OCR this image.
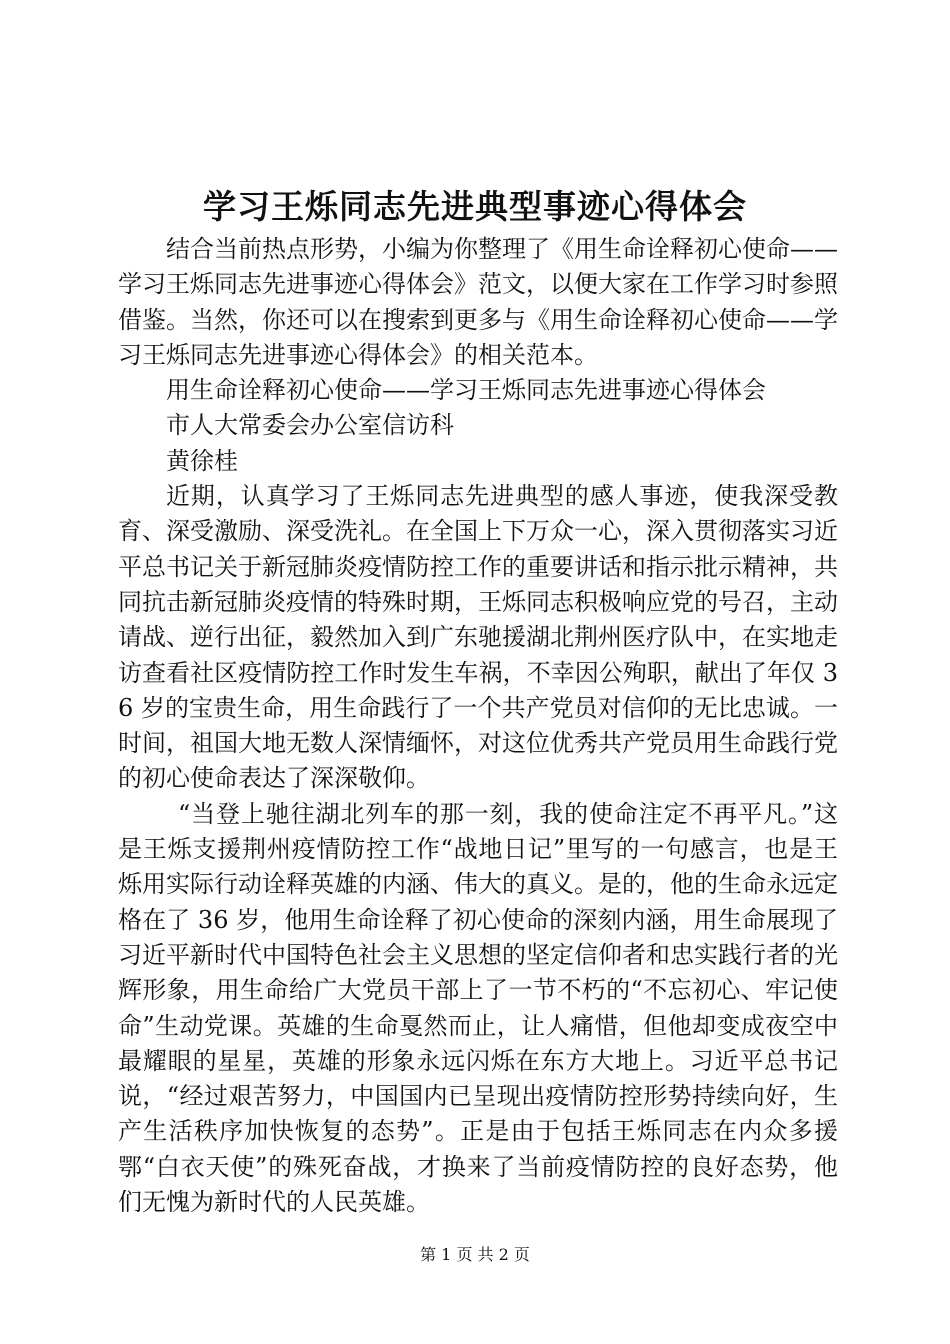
学习王烁同志先进典型事迹心得体会

结合当前热点形势，小编为你整理了《用生命诠释初心使命——学习王烁同志先进事迹心得体会》范文，以便大家在工作学习时参照借鉴。当然，你还可以在搜索到更多与《用生命诠释初心使命——学习王烁同志先进事迹心得体会》的相关范本。

用生命诠释初心使命——学习王烁同志先进事迹心得体会

市人大常委会办公室信访科

黄徐桂

近期，认真学习了王烁同志先进典型的感人事迹，使我深受教育、深受激励、深受洗礼。在全国上下万众一心，深入贯彻落实习近平总书记关于新冠肺炎疫情防控工作的重要讲话和指示批示精神，共同抗击新冠肺炎疫情的特殊时期，王烁同志积极响应党的号召，主动请战、逆行出征，毅然加入到广东驰援湖北荆州医疗队中，在实地走访查看社区疫情防控工作时发生车祸，不幸因公殉职，献出了年仅 36 岁的宝贵生命，用生命践行了一个共产党员对信仰的无比忠诚。一时间，祖国大地无数人深情缅怀，对这位优秀共产党员用生命践行党的初心使命表达了深深敬仰。

“当登上驰往湖北列车的那一刻，我的使命注定不再平凡。”这是王烁支援荆州疫情防控工作“战地日记”里写的一句感言，也是王烁用实际行动诠释英雄的内涵、伟大的真义。是的，他的生命永远定格在了 36 岁，他用生命诠释了初心使命的深刻内涵，用生命展现了习近平新时代中国特色社会主义思想的坚定信仰者和忠实践行者的光辉形象，用生命给广大党员干部上了一节不朽的“不忘初心、牢记使命”生动党课。英雄的生命戛然而止，让人痛惜，但他却变成夜空中最耀眼的星星，英雄的形象永远闪烁在东方大地上。习近平总书记说，“经过艰苦努力，中国国内已呈现出疫情防控形势持续向好，生产生活秩序加快恢复的态势”。正是由于包括王烁同志在内众多援鄂“白衣天使”的殊死奋战，才换来了当前疫情防控的良好态势，他们无愧为新时代的人民英雄。

第 1 页 共 2 页
